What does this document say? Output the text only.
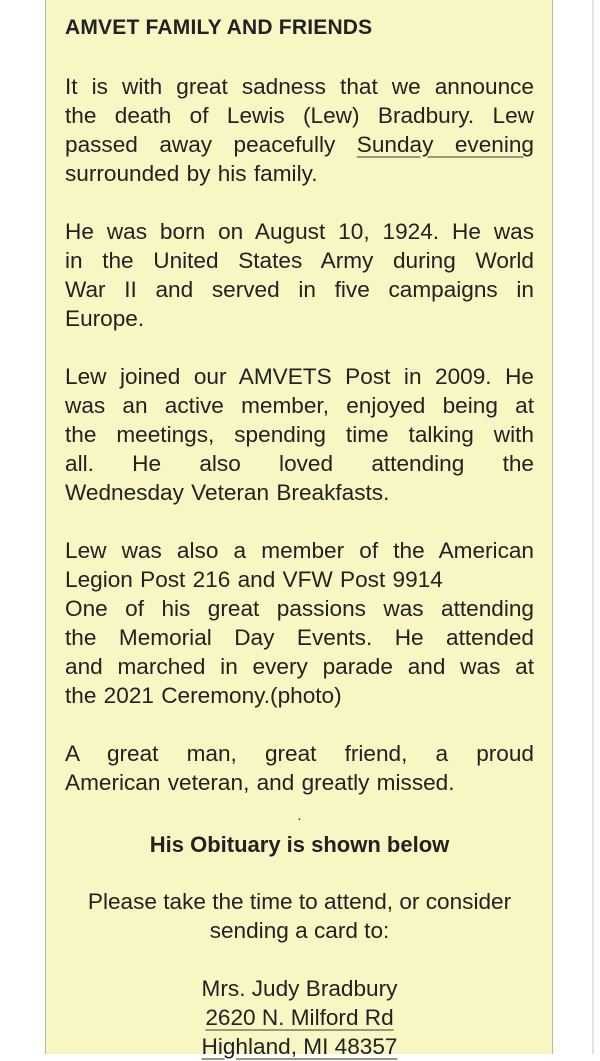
AMVET FAMILY AND FRIENDS
It is with great sadness that we announce
the death of Lewis (Lew) Bradbury. Lew
passed away peacefully Sunday evening
surrounded by his family.
He was born on August 10, 1924. He was
in the United States Army during World
War II and served in five campaigns in
Europe.
Lew joined our AMVETS Post in 2009. He
was an active member, enjoyed being at
the meetings, spending time talking with
all. He also loved attending the
Wednesday Veteran Breakfasts.
Lew was also a member of the American
Legion Post 216 and VFW Post 9914
One of his great passions was attending
the Memorial Day Events. He attended
and marched in every parade and was at
the 2021 Ceremony.(photo)
A great man, great friend, a proud
American veteran, and greatly missed.
.
His Obituary is shown below
Please take the time to attend, or consider
sending a card to:
Mrs. Judy Bradbury
2620 N. Milford Rd
Highland, MI 48357
